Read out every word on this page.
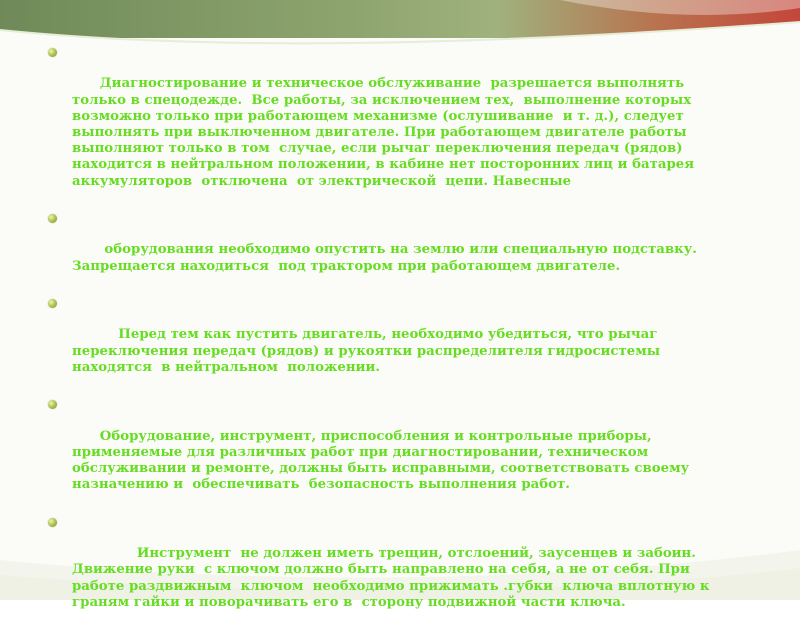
Диагностирование и техническое обслуживание  разрешается выполнять только в спецодежде.  Все работы, за исключением тех,  выполнение которых возможно только при работающем механизме (ослушивание  и т. д.), следует выполнять при выключенном двигателе. При работающем двигателе работы выполняют только в том  случае, если рычаг переключения передач (рядов) находится в нейтральном положении, в кабине нет посторонних лиц и батарея аккумуляторов  отключена  от электрической  цепи. Навесные

оборудования необходимо опустить на землю или специальную подставку. Запрещается находиться  под трактором при работающем двигателе.

Перед тем как пустить двигатель, необходимо убедиться, что рычаг переключения передач (рядов) и рукоятки распределителя гидросистемы находятся  в нейтральном  положении.

Оборудование, инструмент, приспособления и контрольные приборы, применяемые для различных работ при диагностировании, техническом обслуживании и ремонте, должны быть исправными, соответствовать своему назначению и  обеспечивать  безопасность выполнения работ.

Инструмент  не должен иметь трещин, отслоений, заусенцев и забоин. Движение руки  с ключом должно быть направлено на себя, а не от себя. При  работе раздвижным  ключом  необходимо прижимать .губки  ключа вплотную к граням гайки и поворачивать его в  сторону подвижной части ключа.
